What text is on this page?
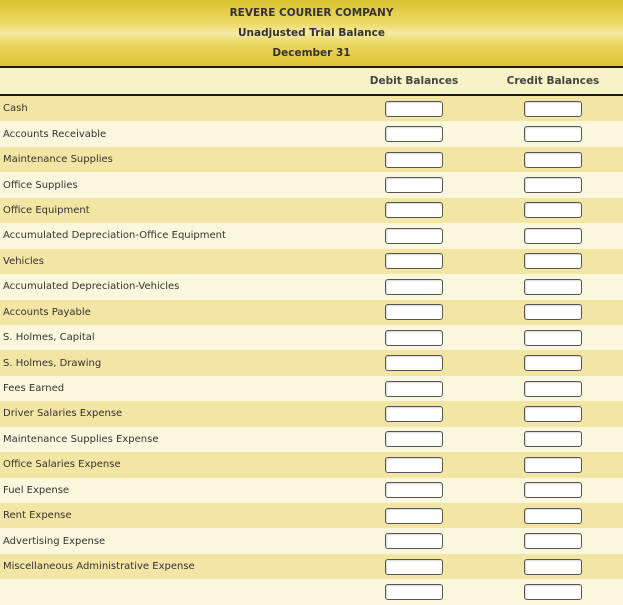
REVERE COURIER COMPANY
Unadjusted Trial Balance
December 31
Debit Balances	Credit Balances
Cash
Accounts Receivable
Maintenance Supplies
Office Supplies
Office Equipment
Accumulated Depreciation-Office Equipment
Vehicles
Accumulated Depreciation-Vehicles
Accounts Payable
S. Holmes, Capital
S. Holmes, Drawing
Fees Earned
Driver Salaries Expense
Maintenance Supplies Expense
Office Salaries Expense
Fuel Expense
Rent Expense
Advertising Expense
Miscellaneous Administrative Expense
